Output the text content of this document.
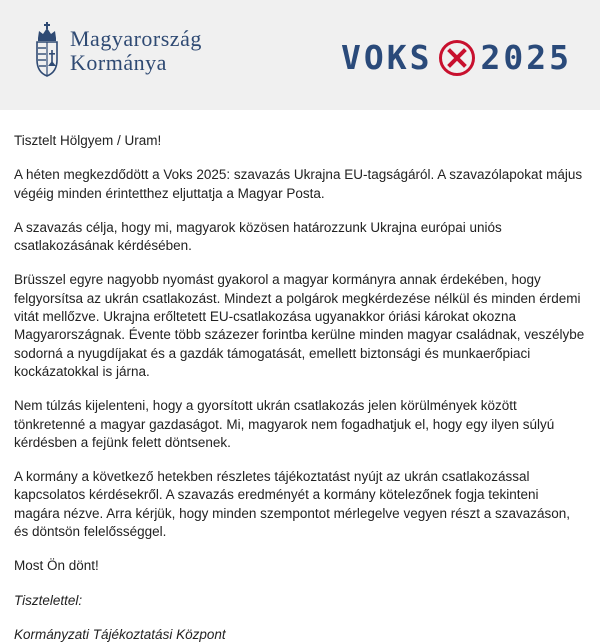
Magyarország
Kormánya	VOKS 2025

Tisztelt Hölgyem / Uram!

A héten megkezdődött a Voks 2025: szavazás Ukrajna EU-tagságáról. A szavazólapokat május végéig minden érintetthez eljuttatja a Magyar Posta.

A szavazás célja, hogy mi, magyarok közösen határozzunk Ukrajna európai uniós csatlakozásának kérdésében.

Brüsszel egyre nagyobb nyomást gyakorol a magyar kormányra annak érdekében, hogy felgyorsítsa az ukrán csatlakozást. Mindezt a polgárok megkérdezése nélkül és minden érdemi vitát mellőzve. Ukrajna erőltetett EU-csatlakozása ugyanakkor óriási károkat okozna Magyarországnak. Évente több százezer forintba kerülne minden magyar családnak, veszélybe sodorná a nyugdíjakat és a gazdák támogatását, emellett biztonsági és munkaerőpiaci kockázatokkal is járna.

Nem túlzás kijelenteni, hogy a gyorsított ukrán csatlakozás jelen körülmények között tönkretenné a magyar gazdaságot. Mi, magyarok nem fogadhatjuk el, hogy egy ilyen súlyú kérdésben a fejünk felett döntsenek.

A kormány a következő hetekben részletes tájékoztatást nyújt az ukrán csatlakozással kapcsolatos kérdésekről. A szavazás eredményét a kormány kötelezőnek fogja tekinteni magára nézve. Arra kérjük, hogy minden szempontot mérlegelve vegyen részt a szavazáson, és döntsön felelősséggel.

Most Ön dönt!

Tisztelettel:

Kormányzati Tájékoztatási Központ
